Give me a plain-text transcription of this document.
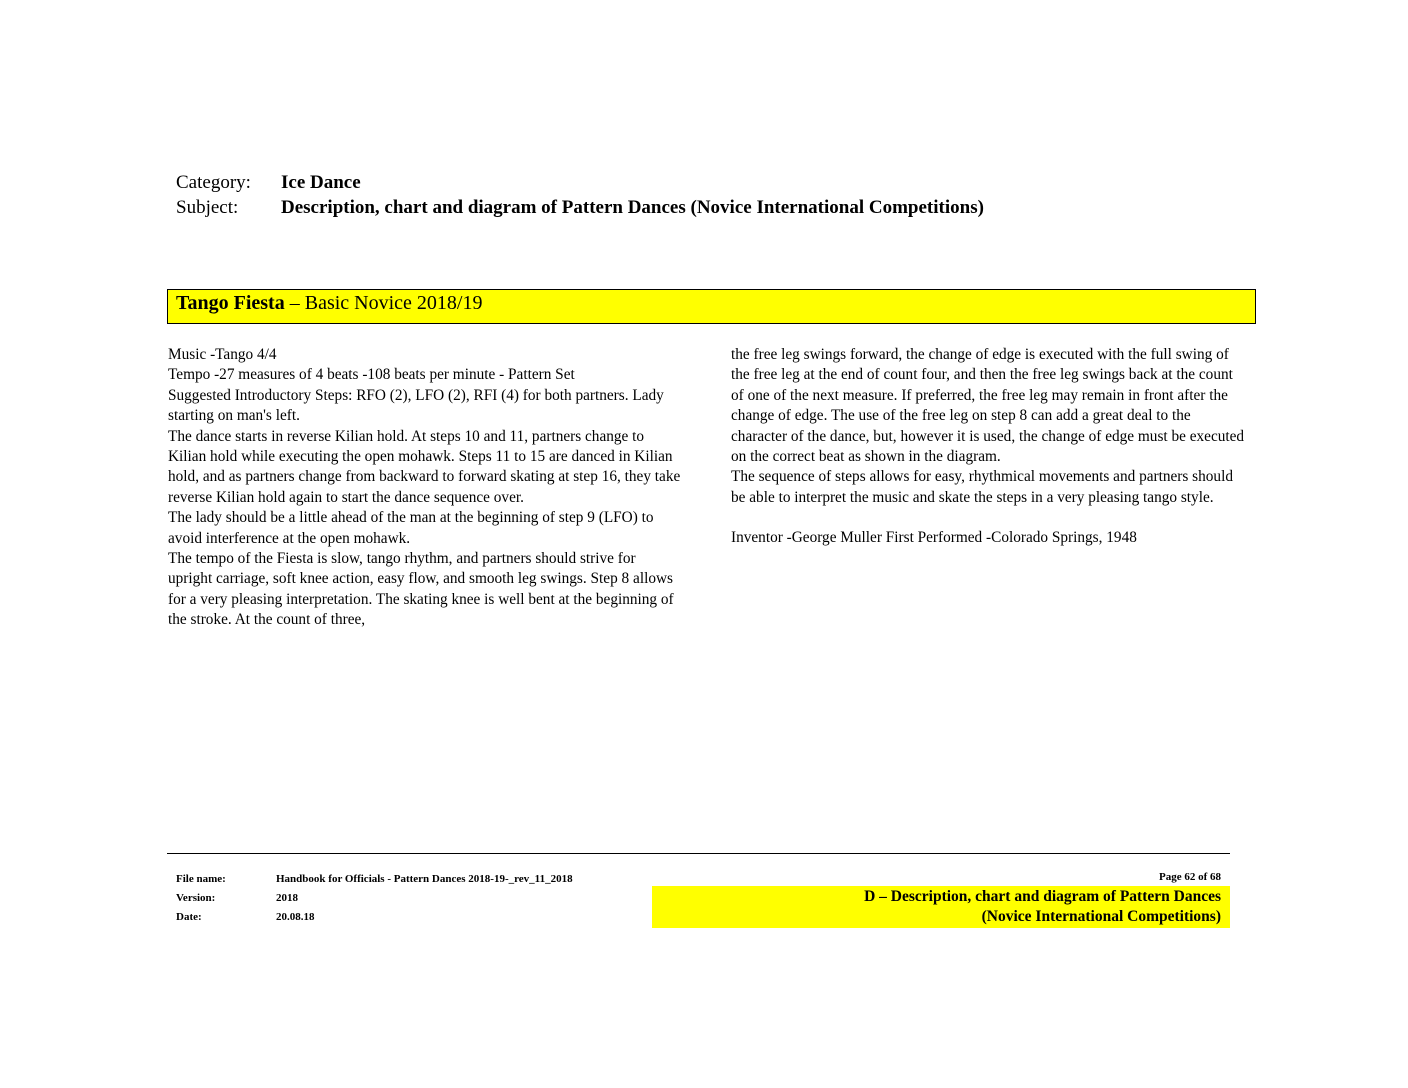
Category:	Ice Dance
Subject:	Description, chart and diagram of Pattern Dances (Novice International Competitions)
Tango Fiesta – Basic Novice 2018/19

Music -Tango 4/4

Tempo -27 measures of 4 beats -108 beats per minute - Pattern Set

Suggested Introductory Steps: RFO (2), LFO (2), RFI (4) for both partners. Lady starting on man's left.

The dance starts in reverse Kilian hold. At steps 10 and 11, partners change to Kilian hold while executing the open mohawk. Steps 11 to 15 are danced in Kilian hold, and as partners change from backward to forward skating at step 16, they take reverse Kilian hold again to start the dance sequence over.

The lady should be a little ahead of the man at the beginning of step 9 (LFO) to avoid interference at the open mohawk.

The tempo of the Fiesta is slow, tango rhythm, and partners should strive for upright carriage, soft knee action, easy flow, and smooth leg swings. Step 8 allows for a very pleasing interpretation. The skating knee is well bent at the beginning of the stroke. At the count of three,

the free leg swings forward, the change of edge is executed with the full swing of the free leg at the end of count four, and then the free leg swings back at the count of one of the next measure. If preferred, the free leg may remain in front after the change of edge. The use of the free leg on step 8 can add a great deal to the character of the dance, but, however it is used, the change of edge must be executed on the correct beat as shown in the diagram.

The sequence of steps allows for easy, rhythmical movements and partners should be able to interpret the music and skate the steps in a very pleasing tango style.

Inventor -George Muller First Performed -Colorado Springs, 1948

File name:	Handbook for Officials - Pattern Dances 2018-19-_rev_11_2018
Version:	2018
Date:	20.08.18
Page 62 of 68
D – Description, chart and diagram of Pattern Dances
(Novice International Competitions)
